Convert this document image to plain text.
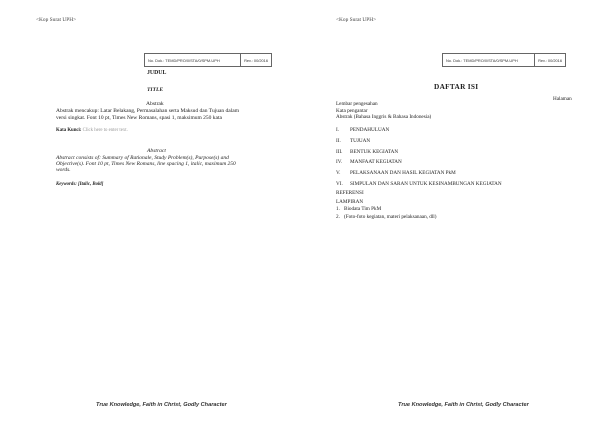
<Kop Surat UPH>
No. Dok.: TEMD/PRO/0/STA/0/SPM-UPH	Rev.: 00/2016
JUDUL
TITLE
Abstrak
Abstrak mencakup: Latar Belakang, Permasalahan serta Maksud dan Tujuan dalam
versi singkat. Font 10 pt, Times New Romans, spasi 1, maksimum 250 kata
Kata Kunci: Click here to enter text.
Abstract
Abstract consists of: Summary of Rationale, Study Problem(s), Purpose(s) and
Objective(s). Font 10 pt, Times New Romans, line spacing 1, italic, maximum 250
words.
Keywords: [Italic, Bold]
True Knowledge, Faith in Christ, Godly Character
<Kop Surat UPH>
No. Dok.: TEMD/PRO/0/STA/0/SPM-UPH	Rev.: 00/2016
DAFTAR ISI
Halaman
Lembar pengesahan
Kata pengantar
Abstrak (Bahasa Inggris & Bahasa Indonesia)
I. PENDAHULUAN
II. TUJUAN
III. BENTUK KEGIATAN
IV. MANFAAT KEGIATAN
V. PELAKSANAAN DAN HASIL KEGIATAN PkM
VI. SIMPULAN DAN SARAN UNTUK KESINAMBUNGAN KEGIATAN
REFERENSI
LAMPIRAN
1. Biodata Tim PkM
2. (Foto-foto kegiatan, materi pelaksanaan, dll)
True Knowledge, Faith in Christ, Godly Character
